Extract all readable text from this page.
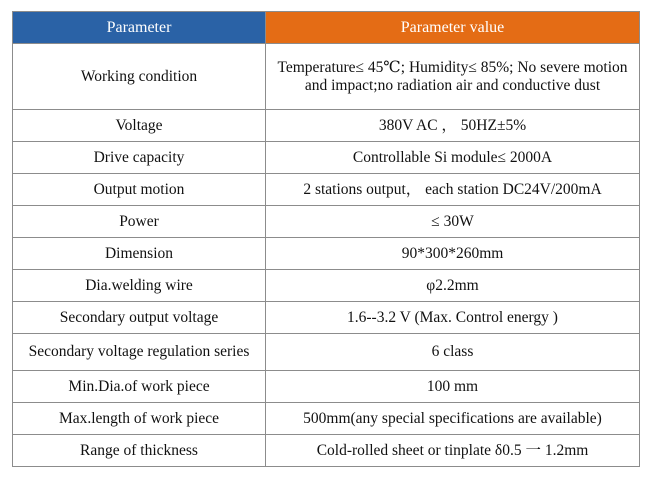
Parameter	Parameter value
Working condition	Temperature≤ 45℃; Humidity≤ 85%; No severe motion and impact;no radiation air and conductive dust
Voltage	380V AC ， 50HZ±5%
Drive capacity	Controllable Si module≤ 2000A
Output motion	2 stations output， each station DC24V/200mA
Power	≤ 30W
Dimension	90*300*260mm
Dia.welding wire	φ2.2mm
Secondary output voltage	1.6--3.2 V (Max. Control energy )
Secondary voltage regulation series	6 class
Min.Dia.of work piece	100 mm
Max.length of work piece	500mm(any special specifications are available)
Range of thickness	Cold-rolled sheet or tinplate δ0.5 一 1.2mm
